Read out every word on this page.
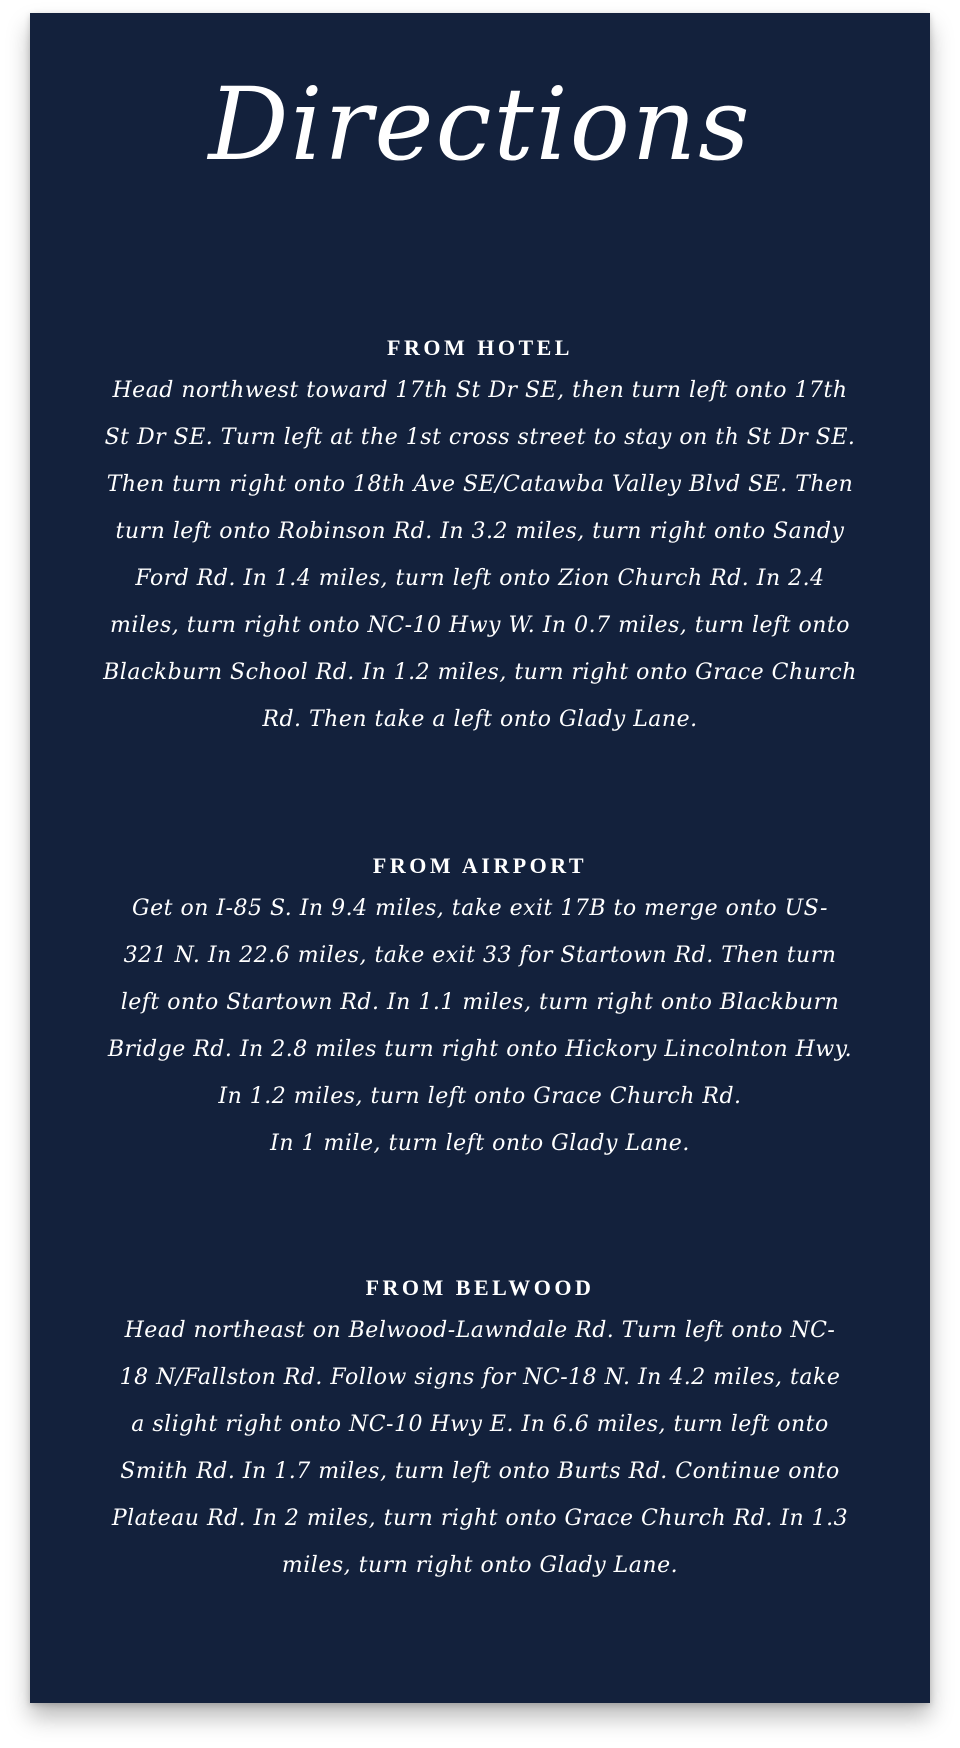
Directions
FROM HOTEL
Head northwest toward 17th St Dr SE, then turn left onto 17th
St Dr SE. Turn left at the 1st cross street to stay on th St Dr SE.
Then turn right onto 18th Ave SE/Catawba Valley Blvd SE. Then
turn left onto Robinson Rd. In 3.2 miles, turn right onto Sandy
Ford Rd. In 1.4 miles, turn left onto Zion Church Rd. In 2.4
miles, turn right onto NC-10 Hwy W. In 0.7 miles, turn left onto
Blackburn School Rd. In 1.2 miles, turn right onto Grace Church
Rd. Then take a left onto Glady Lane.
FROM AIRPORT
Get on I-85 S. In 9.4 miles, take exit 17B to merge onto US-
321 N. In 22.6 miles, take exit 33 for Startown Rd. Then turn
left onto Startown Rd. In 1.1 miles, turn right onto Blackburn
Bridge Rd. In 2.8 miles turn right onto Hickory Lincolnton Hwy.
In 1.2 miles, turn left onto Grace Church Rd.
In 1 mile, turn left onto Glady Lane.
FROM BELWOOD
Head northeast on Belwood-Lawndale Rd. Turn left onto NC-
18 N/Fallston Rd. Follow signs for NC-18 N. In 4.2 miles, take
a slight right onto NC-10 Hwy E. In 6.6 miles, turn left onto
Smith Rd. In 1.7 miles, turn left onto Burts Rd. Continue onto
Plateau Rd. In 2 miles, turn right onto Grace Church Rd. In 1.3
miles, turn right onto Glady Lane.
